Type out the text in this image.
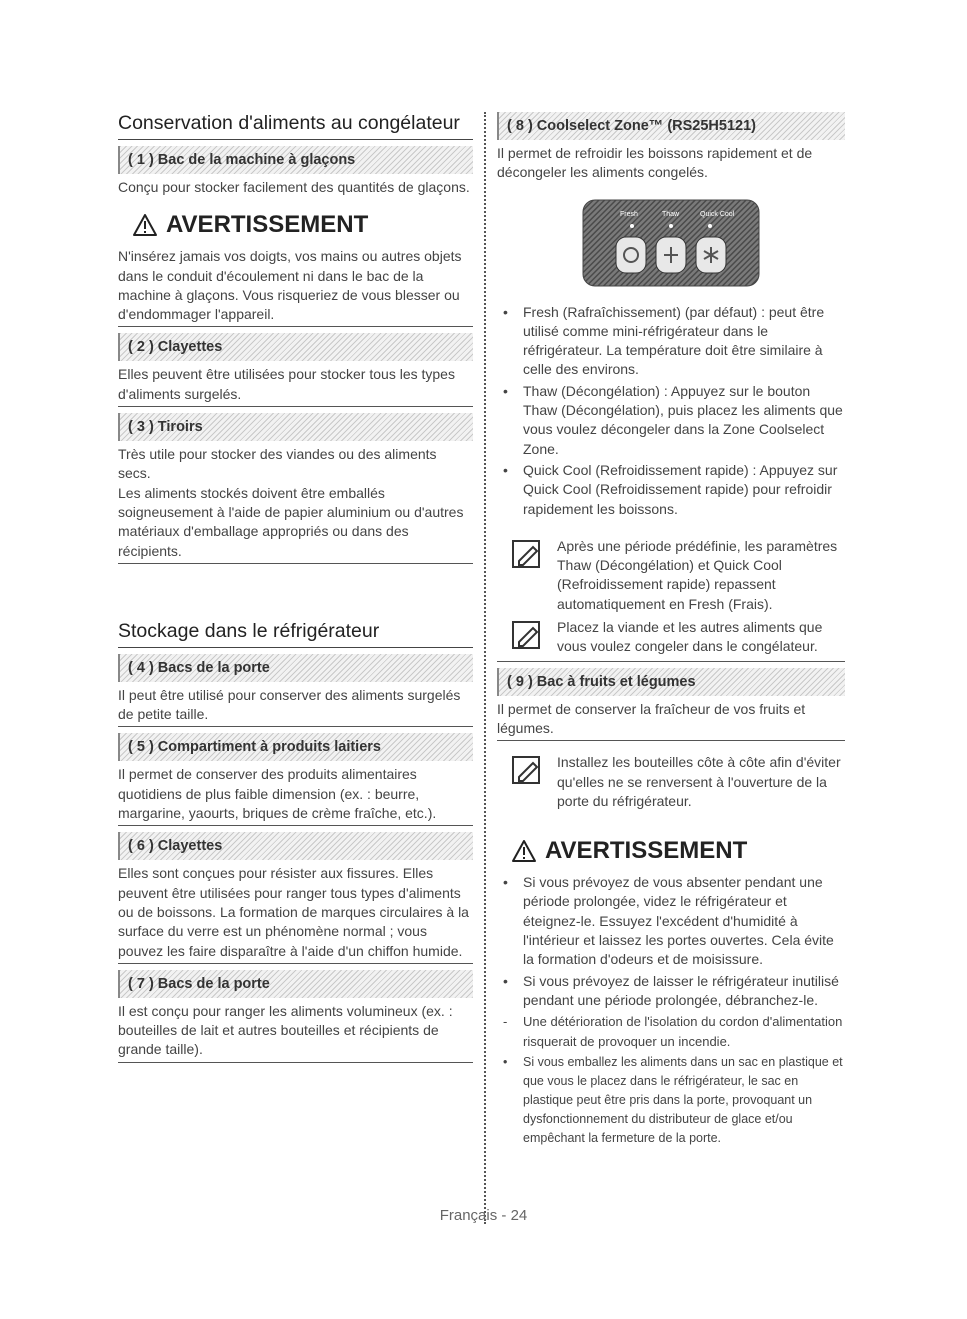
Conservation d'aliments au congélateur
( 1 ) Bac de la machine à glaçons

Conçu pour stocker facilement des quantités de glaçons.

AVERTISSEMENT

N'insérez jamais vos doigts, vos mains ou autres objets dans le conduit d'écoulement ni dans le bac de la machine à glaçons. Vous risqueriez de vous blesser ou d'endommager l'appareil.

( 2 ) Clayettes

Elles peuvent être utilisées pour stocker tous les types d'aliments surgelés.

( 3 ) Tiroirs

Très utile pour stocker des viandes ou des aliments secs.
Les aliments stockés doivent être emballés soigneusement à l'aide de papier aluminium ou d'autres matériaux d'emballage appropriés ou dans des récipients.

Stockage dans le réfrigérateur
( 4 ) Bacs de la porte

Il peut être utilisé pour conserver des aliments surgelés de petite taille.

( 5 ) Compartiment à produits laitiers

Il permet de conserver des produits alimentaires quotidiens de plus faible dimension (ex. : beurre, margarine, yaourts, briques de crème fraîche, etc.).

( 6 ) Clayettes

Elles sont conçues pour résister aux fissures. Elles peuvent être utilisées pour ranger tous types d'aliments ou de boissons. La formation de marques circulaires à la surface du verre est un phénomène normal ; vous pouvez les faire disparaître à l'aide d'un chiffon humide.

( 7 ) Bacs de la porte

Il est conçu pour ranger les aliments volumineux (ex. : bouteilles de lait et autres bouteilles et récipients de grande taille).

( 8 ) Coolselect Zone™ (RS25H5121)

Il permet de refroidir les boissons rapidement et de décongeler les aliments congelés.

Fresh	Thaw	Quick Cool
• Fresh (Rafraîchissement) (par défaut) : peut être utilisé comme mini-réfrigérateur dans le réfrigérateur. La température doit être similaire à celle des environs.
• Thaw (Décongélation) : Appuyez sur le bouton Thaw (Décongélation), puis placez les aliments que vous voulez décongeler dans la Zone Coolselect Zone.
• Quick Cool (Refroidissement rapide) : Appuyez sur Quick Cool (Refroidissement rapide) pour refroidir rapidement les boissons.
Après une période prédéfinie, les paramètres Thaw (Décongélation) et Quick Cool (Refroidissement rapide) repassent automatiquement en Fresh (Frais).
Placez la viande et les autres aliments que vous voulez congeler dans le congélateur.
( 9 ) Bac à fruits et légumes

Il permet de conserver la fraîcheur de vos fruits et légumes.

Installez les bouteilles côte à côte afin d'éviter qu'elles ne se renversent à l'ouverture de la porte du réfrigérateur.
AVERTISSEMENT
• Si vous prévoyez de vous absenter pendant une période prolongée, videz le réfrigérateur et éteignez-le. Essuyez l'excédent d'humidité à l'intérieur et laissez les portes ouvertes. Cela évite la formation d'odeurs et de moisissure.
• Si vous prévoyez de laisser le réfrigérateur inutilisé pendant une période prolongée, débranchez-le.
- Une détérioration de l'isolation du cordon d'alimentation risquerait de provoquer un incendie.
• Si vous emballez les aliments dans un sac en plastique et que vous le placez dans le réfrigérateur, le sac en plastique peut être pris dans la porte, provoquant un dysfonctionnement du distributeur de glace et/ou empêchant la fermeture de la porte.
Français - 24
